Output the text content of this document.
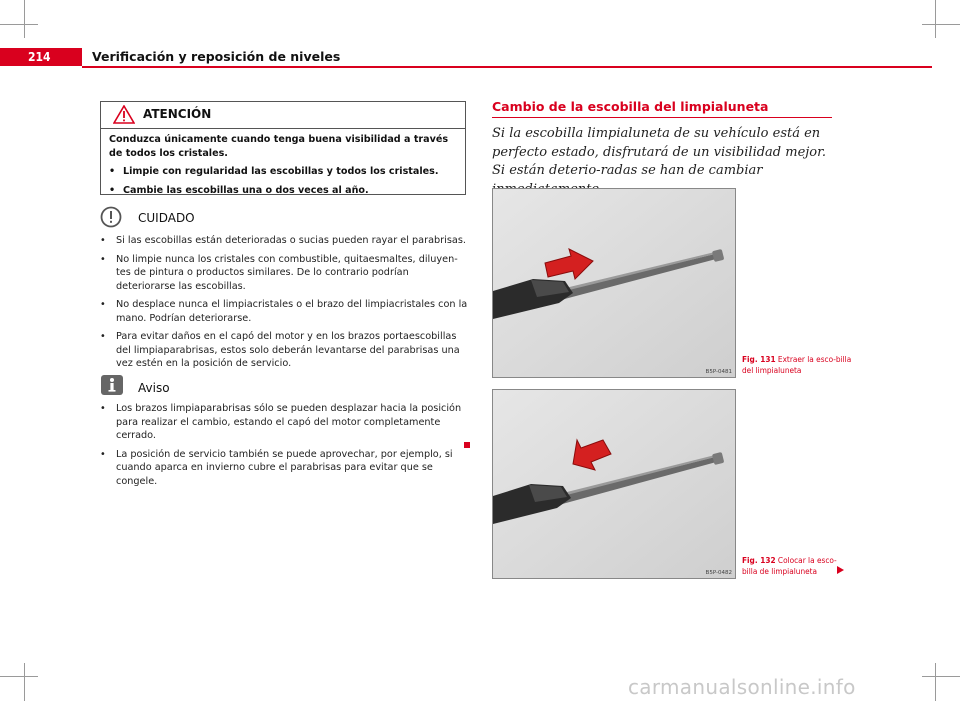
214	Verificación y reposición de niveles
ATENCIÓN

Conduzca únicamente cuando tenga buena visibilidad a través de todos los cristales.

• Limpie con regularidad las escobillas y todos los cristales.

• Cambie las escobillas una o dos veces al año.

CUIDADO

• Si las escobillas están deterioradas o sucias pueden rayar el parabrisas.

• No limpie nunca los cristales con combustible, quitaesmaltes, diluyen-tes de pintura o productos similares. De lo contrario podrían deteriorarse las escobillas.

• No desplace nunca el limpiacristales o el brazo del limpiacristales con la mano. Podrían deteriorarse.

• Para evitar daños en el capó del motor y en los brazos portaescobillas del limpiaparabrisas, estos solo deberán levantarse del parabrisas una vez estén en la posición de servicio.

Aviso

• Los brazos limpiaparabrisas sólo se pueden desplazar hacia la posición para realizar el cambio, estando el capó del motor completamente cerrado.

• La posición de servicio también se puede aprovechar, por ejemplo, si cuando aparca en invierno cubre el parabrisas para evitar que se congele.

Cambio de la escobilla del limpialuneta
Si la escobilla limpialuneta de su vehículo está en perfecto estado, disfrutará de un visibilidad mejor. Si están deterio-radas se han de cambiar
B5P-0481
Fig. 131 Extraer la esco-billa del limpialuneta
B5P-0482
Fig. 132 Colocar la esco-billa de limpialuneta
carmanualsonline.info
